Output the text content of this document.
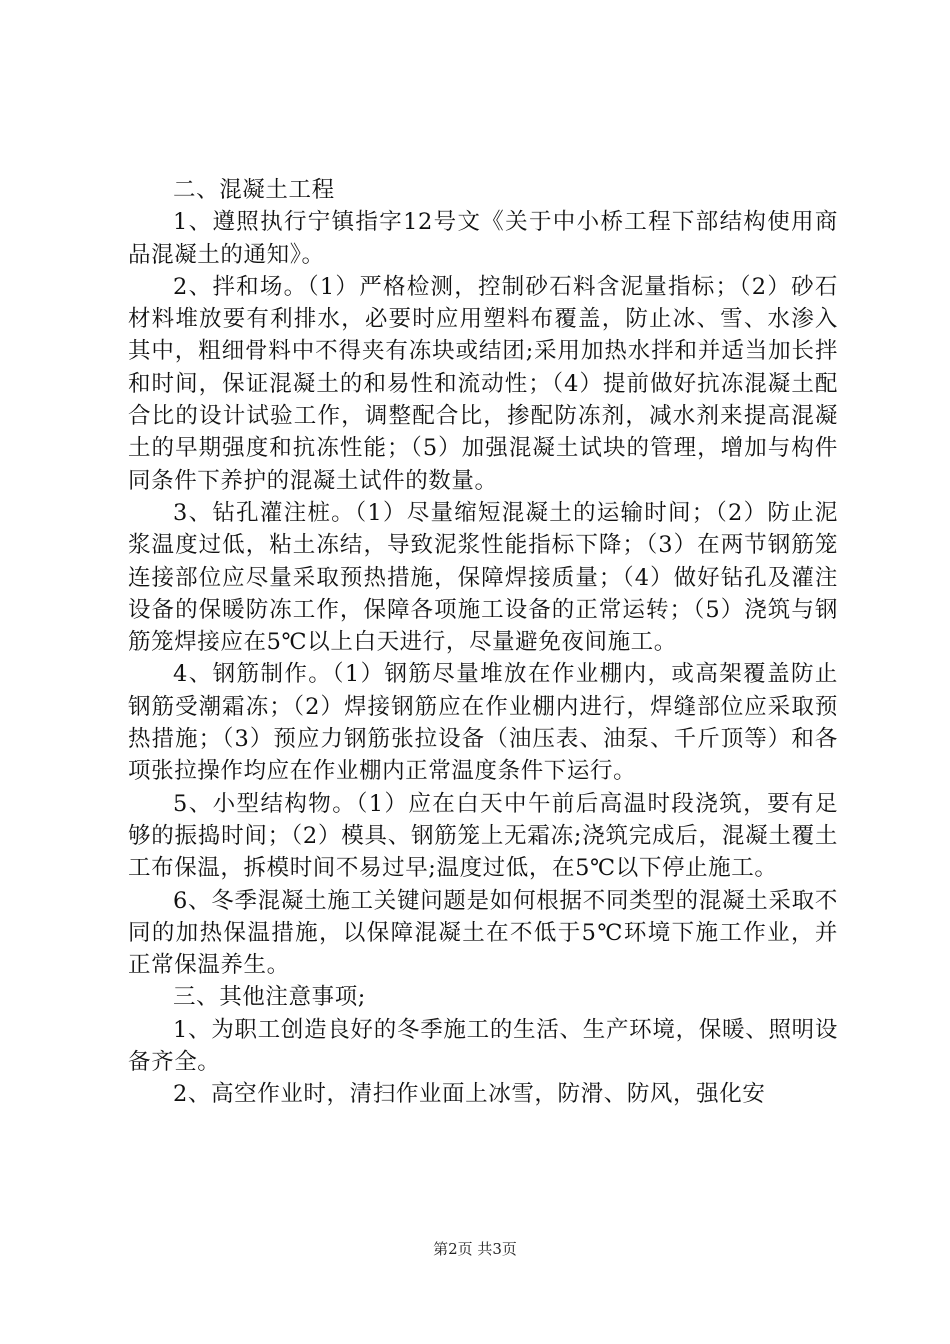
二、混凝土工程

1、遵照执行宁镇指字12号文《关于中小桥工程下部结构使用商品混凝土的通知》。

2、拌和场。（1）严格检测，控制砂石料含泥量指标；（2）砂石材料堆放要有利排水，必要时应用塑料布覆盖，防止冰、雪、水渗入其中，粗细骨料中不得夹有冻块或结团;采用加热水拌和并适当加长拌和时间，保证混凝土的和易性和流动性；（4）提前做好抗冻混凝土配合比的设计试验工作，调整配合比，掺配防冻剂，减水剂来提高混凝土的早期强度和抗冻性能；（5）加强混凝土试块的管理，增加与构件同条件下养护的混凝土试件的数量。

3、钻孔灌注桩。（1）尽量缩短混凝土的运输时间；（2）防止泥浆温度过低，粘土冻结，导致泥浆性能指标下降；（3）在两节钢筋笼连接部位应尽量采取预热措施，保障焊接质量；（4）做好钻孔及灌注设备的保暖防冻工作，保障各项施工设备的正常运转；（5）浇筑与钢筋笼焊接应在5℃以上白天进行，尽量避免夜间施工。

4、钢筋制作。（1）钢筋尽量堆放在作业棚内，或高架覆盖防止钢筋受潮霜冻；（2）焊接钢筋应在作业棚内进行，焊缝部位应采取预热措施；（3）预应力钢筋张拉设备（油压表、油泵、千斤顶等）和各项张拉操作均应在作业棚内正常温度条件下运行。

5、小型结构物。（1）应在白天中午前后高温时段浇筑，要有足够的振捣时间；（2）模具、钢筋笼上无霜冻;浇筑完成后，混凝土覆土工布保温，拆模时间不易过早;温度过低，在5℃以下停止施工。

6、冬季混凝土施工关键问题是如何根据不同类型的混凝土采取不同的加热保温措施，以保障混凝土在不低于5℃环境下施工作业，并正常保温养生。

三、其他注意事项;

1、为职工创造良好的冬季施工的生活、生产环境，保暖、照明设备齐全。

2、高空作业时，清扫作业面上冰雪，防滑、防风，强化安

第2页 共3页
